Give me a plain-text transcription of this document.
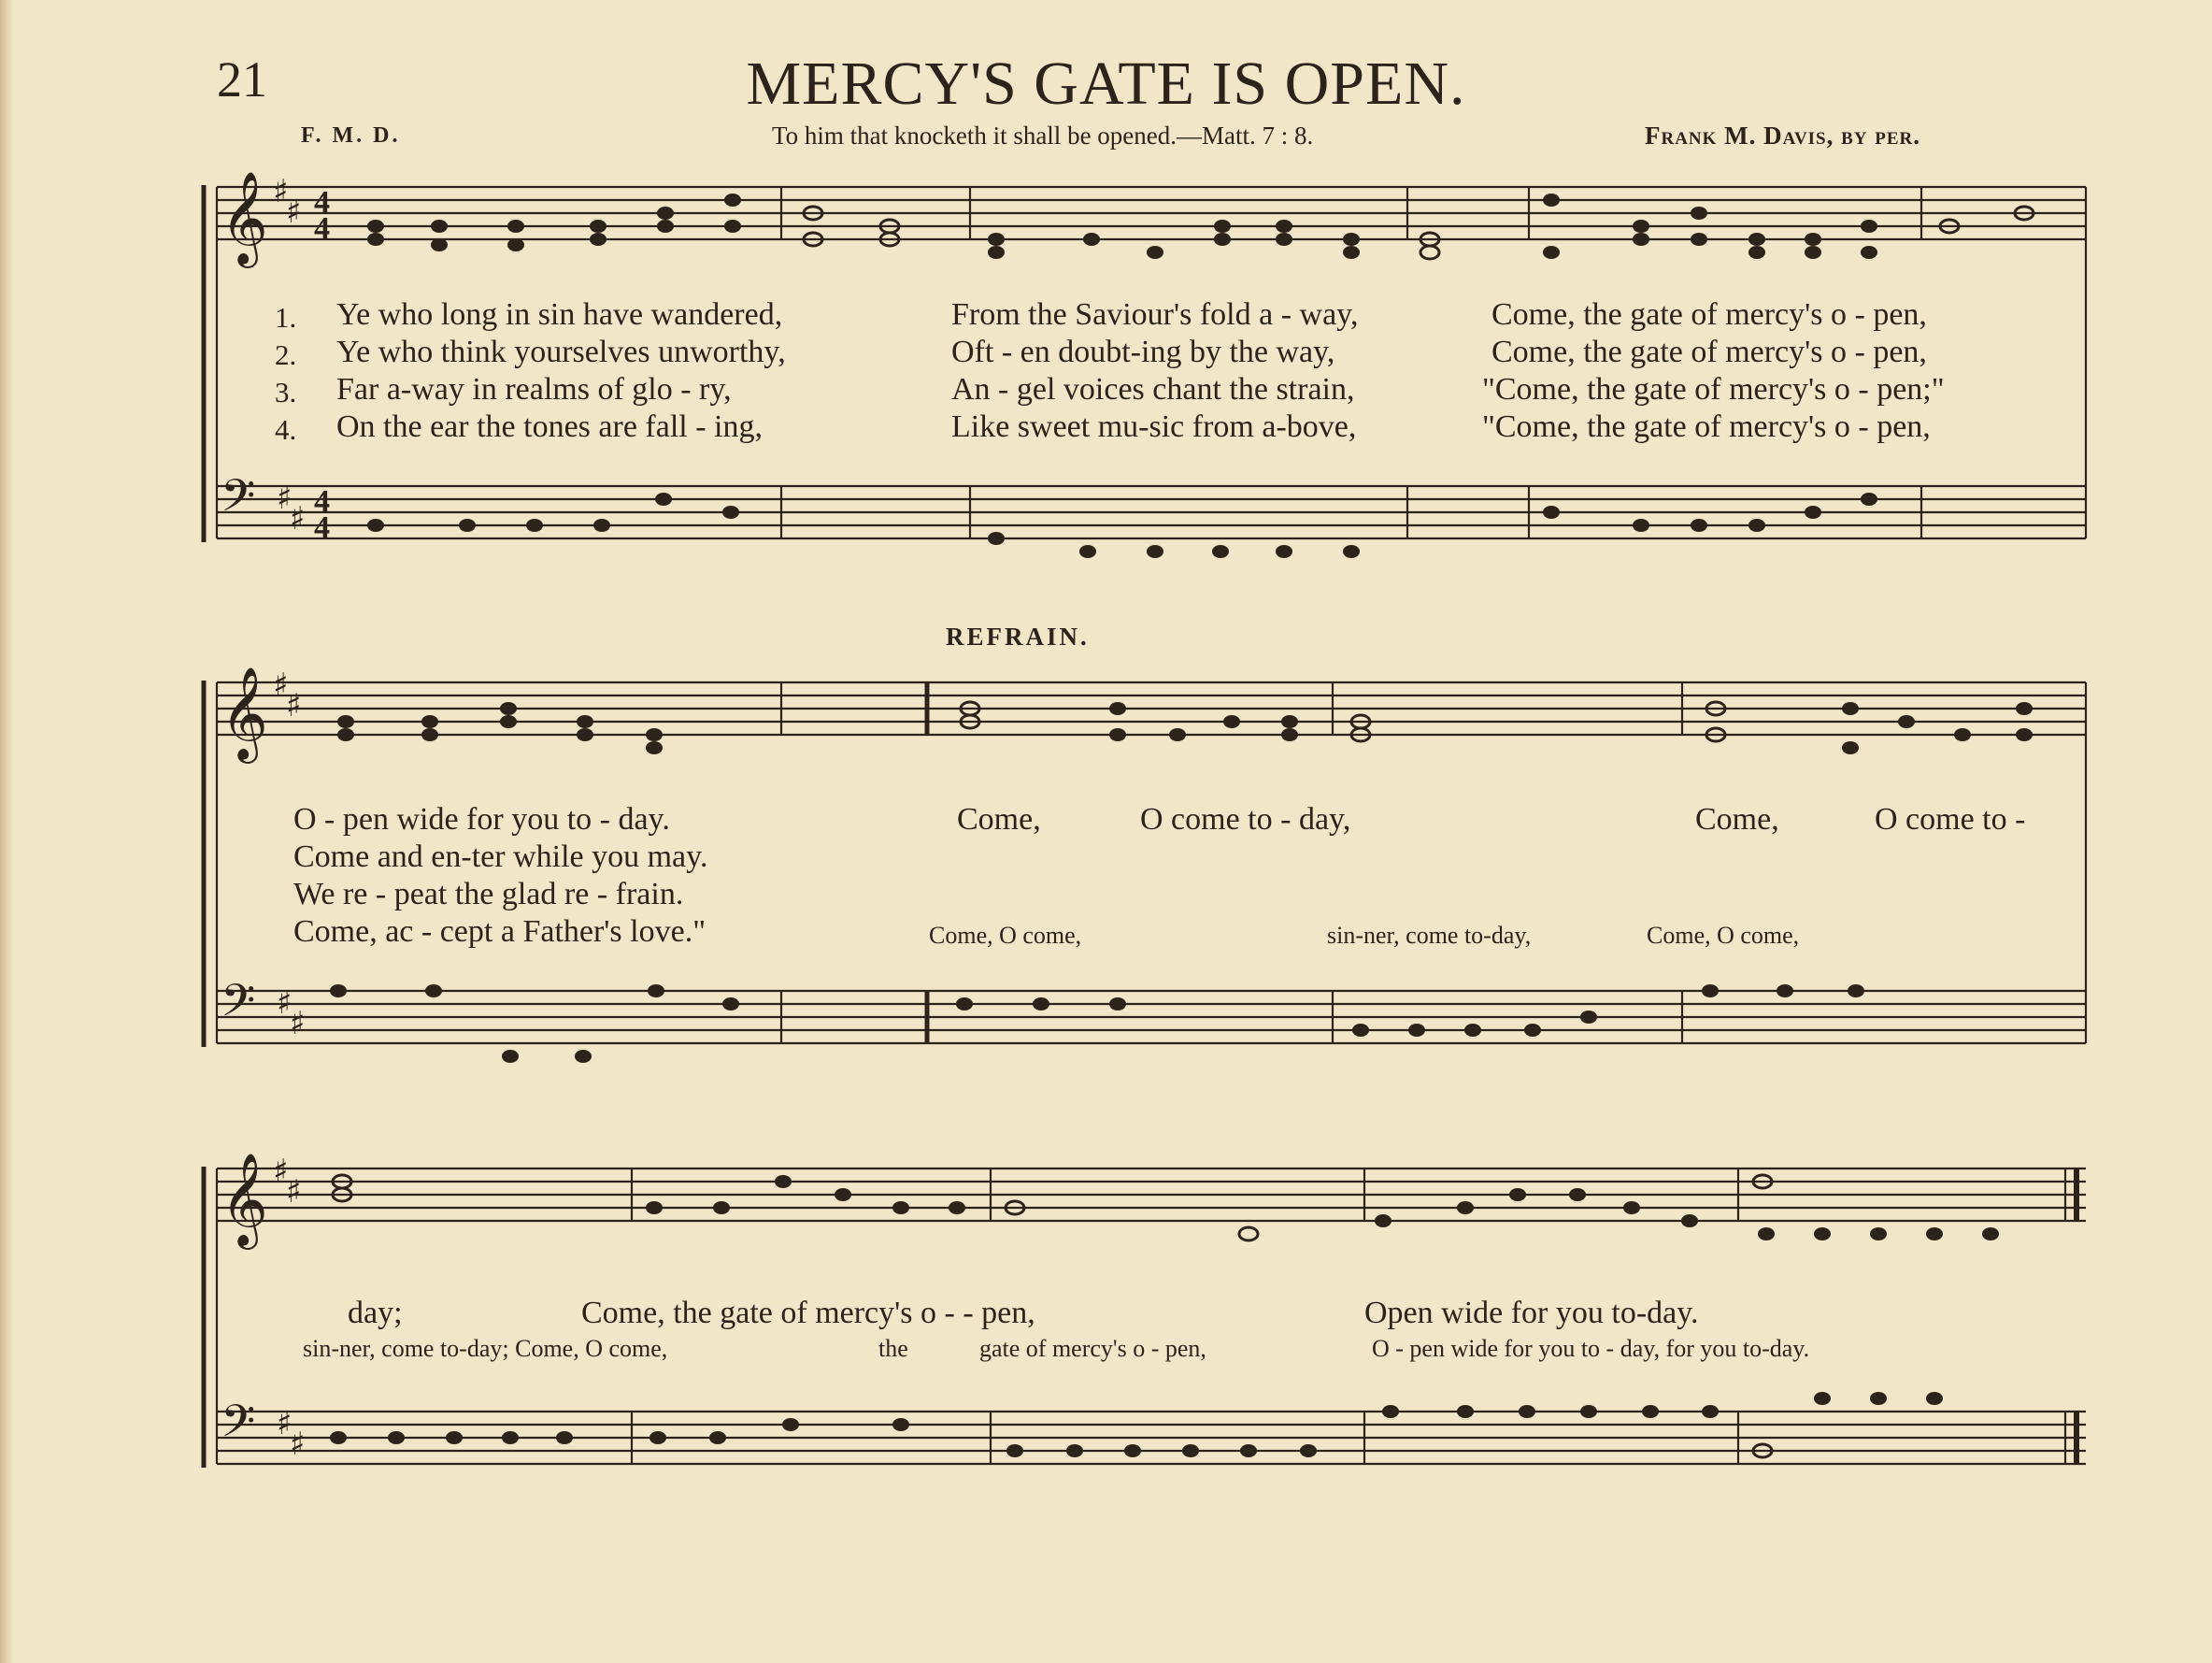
21	MERCY'S GATE IS OPEN.
F. M. D.	To him that knocketh it shall be opened.—Matt. 7 : 8.	Frank M. Davis, by per.
𝄞
𝄢
𝄞
𝄢
𝄞
𝄢
♯
♯
♯
♯
♯
♯
♯
♯
♯
♯
♯
♯
4
4
4
4
1. Ye who long in sin have wandered,	From the Saviour's fold a - way,	Come, the gate of mercy's o - pen,
2. Ye who think yourselves unworthy,	Oft - en doubt-ing by the way,	Come, the gate of mercy's o - pen,
3. Far a-way in realms of glo - ry,	An - gel voices chant the strain,	"Come, the gate of mercy's o - pen;"
4. On the ear the tones are fall - ing,	Like sweet mu-sic from a-bove,	"Come, the gate of mercy's o - pen,
REFRAIN.
O - pen wide for you to - day.
Come and en-ter while you may.
We re - peat the glad re - frain.
Come, ac - cept a Father's love."
Come,	O come to - day,	Come,	O come to -
Come, O come,	sin-ner, come to-day,	Come, O come,
day;	Come, the gate of mercy's o - - pen,	Open wide for you to-day.
sin-ner, come to-day; Come, O come,	the	gate of mercy's o - pen,	O - pen wide for you to - day, for you to-day.
